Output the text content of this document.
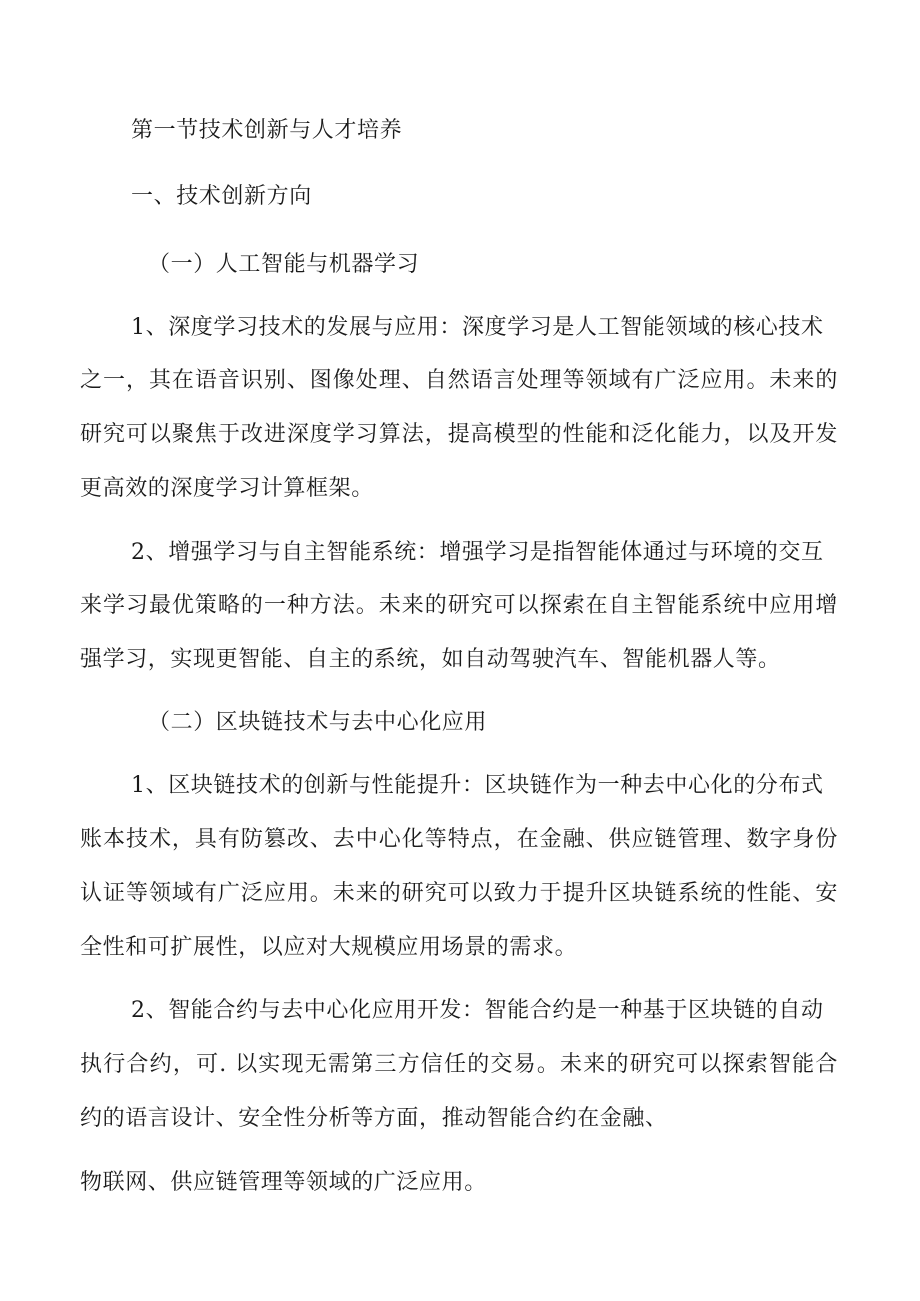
第一节技术创新与人才培养
一、技术创新方向
（一）人工智能与机器学习
1、深度学习技术的发展与应用：深度学习是人工智能领域的核心技术
之一，其在语音识别、图像处理、自然语言处理等领域有广泛应用。未来的
研究可以聚焦于改进深度学习算法，提高模型的性能和泛化能力，以及开发
更高效的深度学习计算框架。
2、增强学习与自主智能系统：增强学习是指智能体通过与环境的交互
来学习最优策略的一种方法。未来的研究可以探索在自主智能系统中应用增
强学习，实现更智能、自主的系统，如自动驾驶汽车、智能机器人等。
（二）区块链技术与去中心化应用
1、区块链技术的创新与性能提升：区块链作为一种去中心化的分布式
账本技术，具有防篡改、去中心化等特点，在金融、供应链管理、数字身份
认证等领域有广泛应用。未来的研究可以致力于提升区块链系统的性能、安
全性和可扩展性，以应对大规模应用场景的需求。
2、智能合约与去中心化应用开发：智能合约是一种基于区块链的自动
执行合约，可. 以实现无需第三方信任的交易。未来的研究可以探索智能合
约的语言设计、安全性分析等方面，推动智能合约在金融、
物联网、供应链管理等领域的广泛应用。
